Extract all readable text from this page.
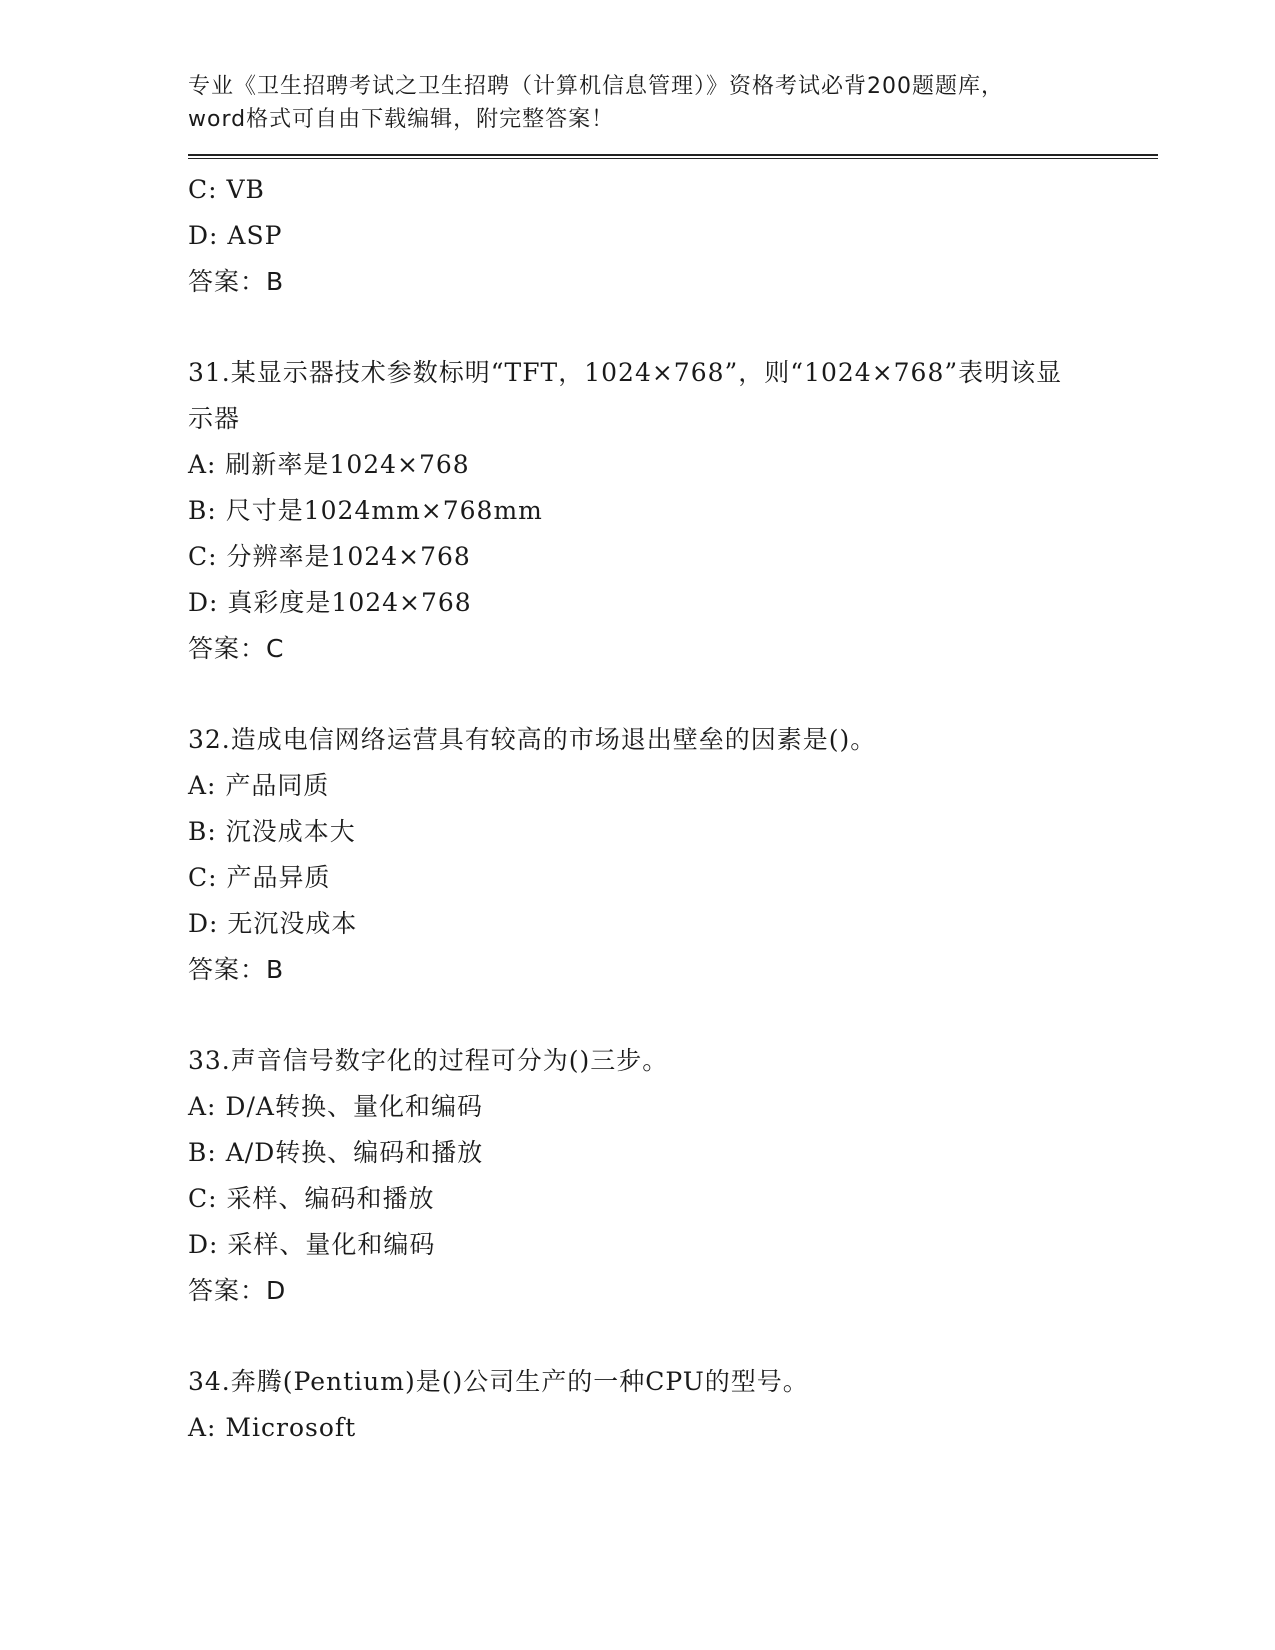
专业《卫生招聘考试之卫生招聘（计算机信息管理）》资格考试必背200题题库，

word格式可自由下载编辑，附完整答案！

C: VB
D: ASP
答案：B
31.某显示器技术参数标明“TFT，1024×768”，则“1024×768”表明该显示器
A: 刷新率是1024×768
B: 尺寸是1024mm×768mm
C: 分辨率是1024×768
D: 真彩度是1024×768
答案：C
32.造成电信网络运营具有较高的市场退出壁垒的因素是()。
A: 产品同质
B: 沉没成本大
C: 产品异质
D: 无沉没成本
答案：B
33.声音信号数字化的过程可分为()三步。
A: D/A转换、量化和编码
B: A/D转换、编码和播放
C: 采样、编码和播放
D: 采样、量化和编码
答案：D
34.奔腾(Pentium)是()公司生产的一种CPU的型号。
A: Microsoft
